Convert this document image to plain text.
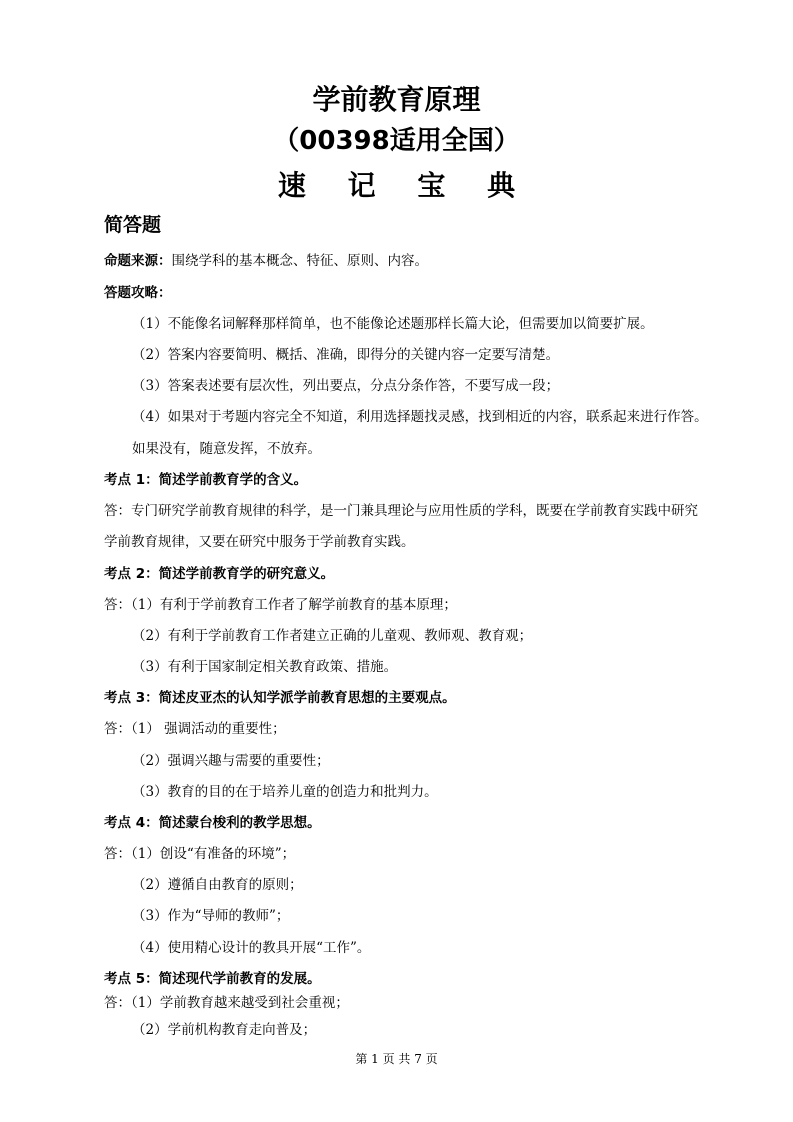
学前教育原理
（00398适用全国）
速 记 宝 典
简答题
命题来源：围绕学科的基本概念、特征、原则、内容。
答题攻略：
（1）不能像名词解释那样简单，也不能像论述题那样长篇大论，但需要加以简要扩展。
（2）答案内容要简明、概括、准确，即得分的关键内容一定要写清楚。
（3）答案表述要有层次性，列出要点，分点分条作答，不要写成一段；
（4）如果对于考题内容完全不知道，利用选择题找灵感，找到相近的内容，联系起来进行作答。
如果没有，随意发挥，不放弃。
考点 1：简述学前教育学的含义。
答：专门研究学前教育规律的科学，是一门兼具理论与应用性质的学科，既要在学前教育实践中研究
学前教育规律，又要在研究中服务于学前教育实践。
考点 2：简述学前教育学的研究意义。
答：（1）有利于学前教育工作者了解学前教育的基本原理；
（2）有利于学前教育工作者建立正确的儿童观、教师观、教育观；
（3）有利于国家制定相关教育政策、措施。
考点 3：简述皮亚杰的认知学派学前教育思想的主要观点。
答：（1） 强调活动的重要性；
（2）强调兴趣与需要的重要性；
（3）教育的目的在于培养儿童的创造力和批判力。
考点 4：简述蒙台梭利的教学思想。
答：（1）创设“有准备的环境”；
（2）遵循自由教育的原则；
（3）作为“导师的教师”；
（4）使用精心设计的教具开展“工作”。
考点 5：简述现代学前教育的发展。
答：（1）学前教育越来越受到社会重视；
（2）学前机构教育走向普及；
第 1 页 共 7 页
